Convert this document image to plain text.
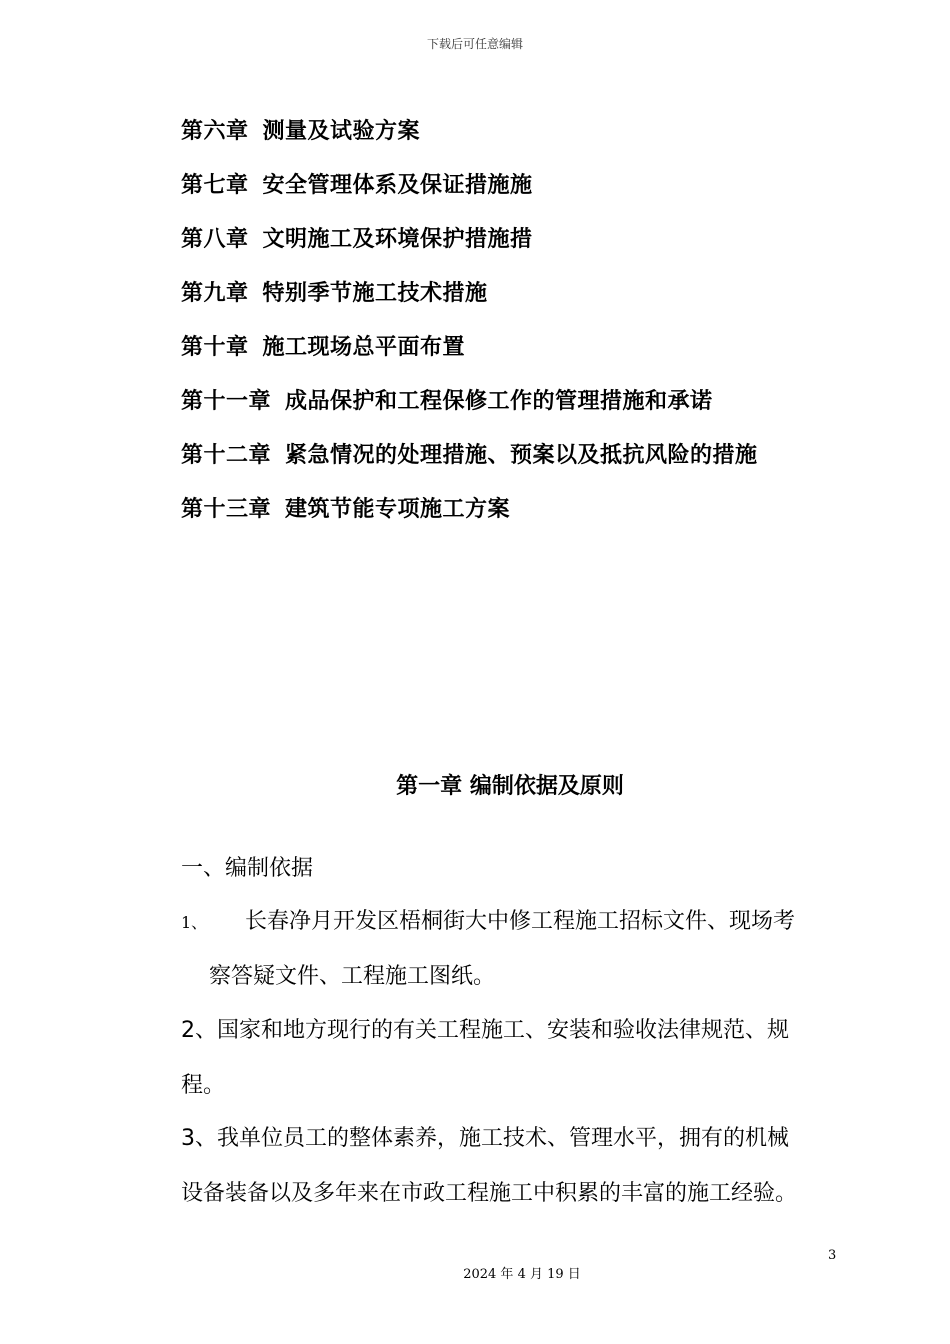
下载后可任意编辑
第六章 测量及试验方案
第七章 安全管理体系及保证措施施
第八章 文明施工及环境保护措施措
第九章 特别季节施工技术措施
第十章 施工现场总平面布置
第十一章 成品保护和工程保修工作的管理措施和承诺
第十二章 紧急情况的处理措施、预案以及抵抗风险的措施
第十三章 建筑节能专项施工方案
第一章 编制依据及原则
一、编制依据
1、 长春净月开发区梧桐街大中修工程施工招标文件、现场考
察答疑文件、工程施工图纸。
2、国家和地方现行的有关工程施工、安装和验收法律规范、规
程。
3、我单位员工的整体素养，施工技术、管理水平，拥有的机械
设备装备以及多年来在市政工程施工中积累的丰富的施工经验。
3
2024 年 4 月 19 日
